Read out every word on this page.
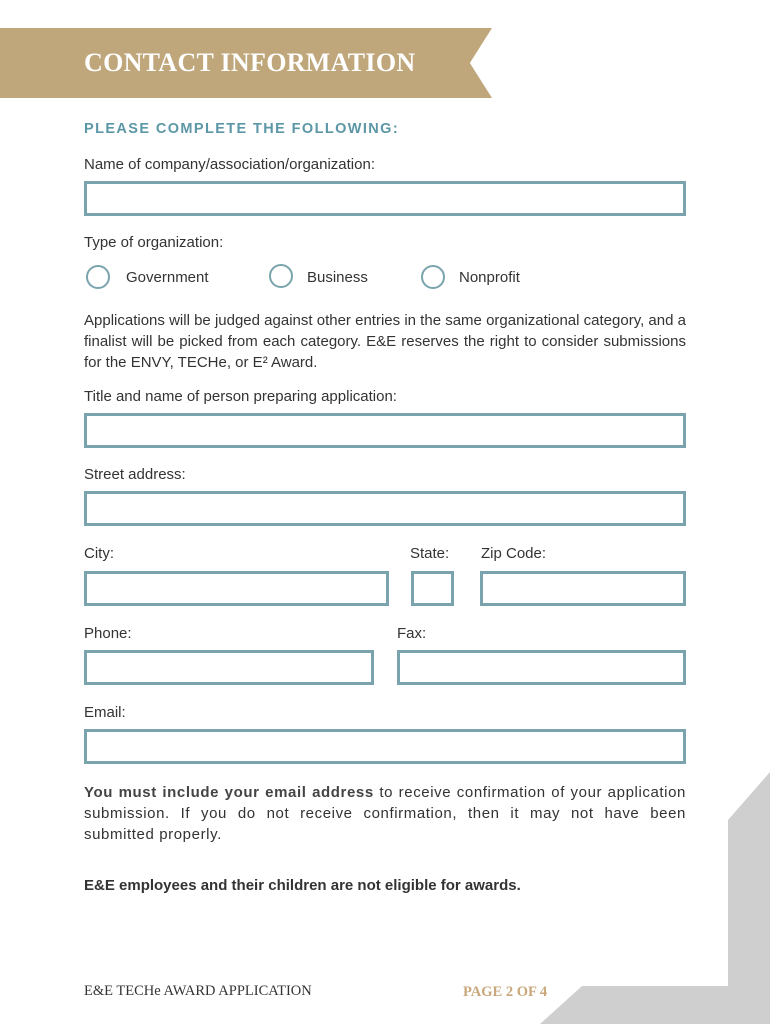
CONTACT INFORMATION
PLEASE COMPLETE THE FOLLOWING:
Name of company/association/organization:
Type of organization:
Government	Business	Nonprofit
Applications will be judged against other entries in the same organizational category, and a finalist will be picked from each category. E&E reserves the right to consider submissions for the ENVY, TECHe, or E² Award.
Title and name of person preparing application:
Street address:
City:	State: Zip Code:
Phone:	Fax:
Email:
You must include your email address to receive confirmation of your application submission. If you do not receive confirmation, then it may not have been submitted properly.
E&E employees and their children are not eligible for awards.
E&E TECHe AWARD APPLICATION	PAGE 2 OF 4
